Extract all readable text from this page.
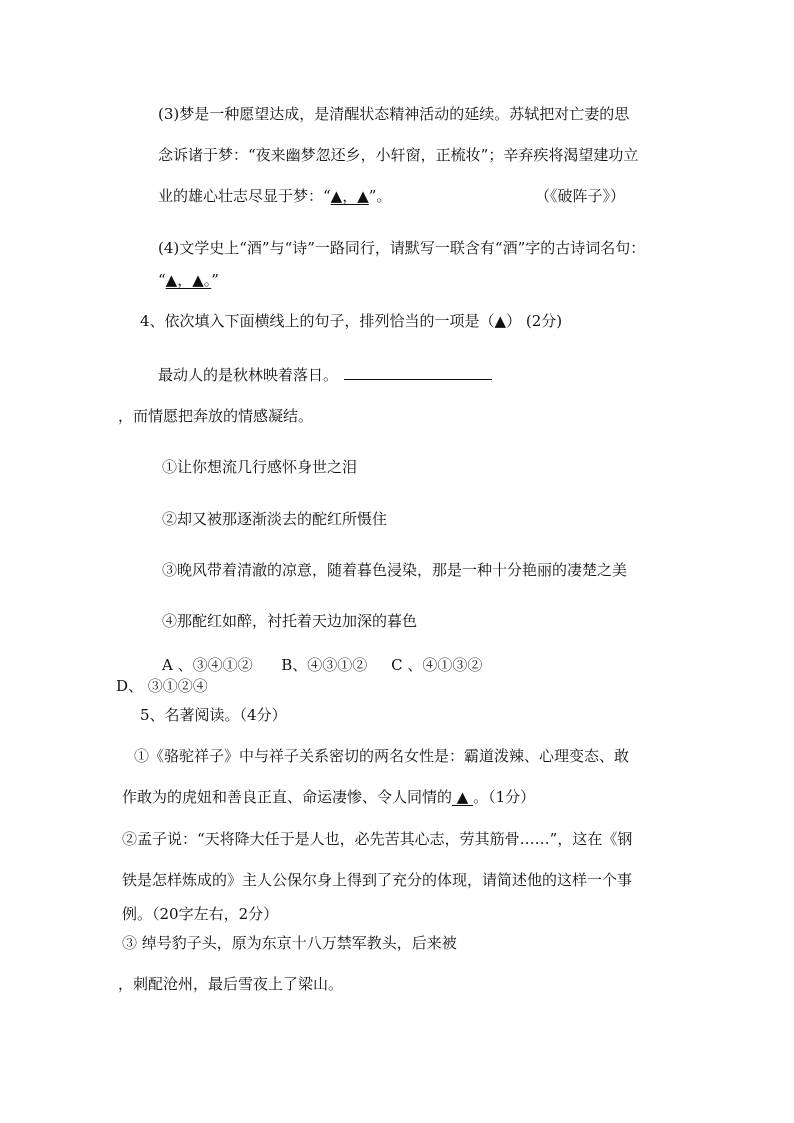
(3)梦是一种愿望达成，是清醒状态精神活动的延续。苏轼把对亡妻的思
念诉诸于梦：“夜来幽梦忽还乡，小轩窗，正梳妆”；辛弃疾将渴望建功立
业的雄心壮志尽显于梦：“▲，▲”。	（《破阵子》）
(4)文学史上“酒”与“诗”一路同行，请默写一联含有“酒”字的古诗词名句：
“▲，▲。”
4、依次填入下面横线上的句子，排列恰当的一项是（▲） (2分)
最动人的是秋林映着落日。
，而情愿把奔放的情感凝结。
①让你想流几行感怀身世之泪
②却又被那逐渐淡去的酡红所慑住
③晚风带着清澈的凉意，随着暮色浸染，那是一种十分艳丽的凄楚之美
④那酡红如醉，衬托着天边加深的暮色
A 、③④①②      B、④③①②     C 、④①③②
D、 ③①②④
5、名著阅读。（4分）
①《骆驼祥子》中与祥子关系密切的两名女性是：霸道泼辣、心理变态、敢
作敢为的虎妞和善良正直、命运凄惨、令人同情的 ▲ 。（1分）
②孟子说：“天将降大任于是人也，必先苦其心志，劳其筋骨……”，这在《钢
铁是怎样炼成的》主人公保尔身上得到了充分的体现，请简述他的这样一个事
例。（20字左右，2分）
③ 绰号豹子头，原为东京十八万禁军教头，后来被
，刺配沧州，最后雪夜上了梁山。
